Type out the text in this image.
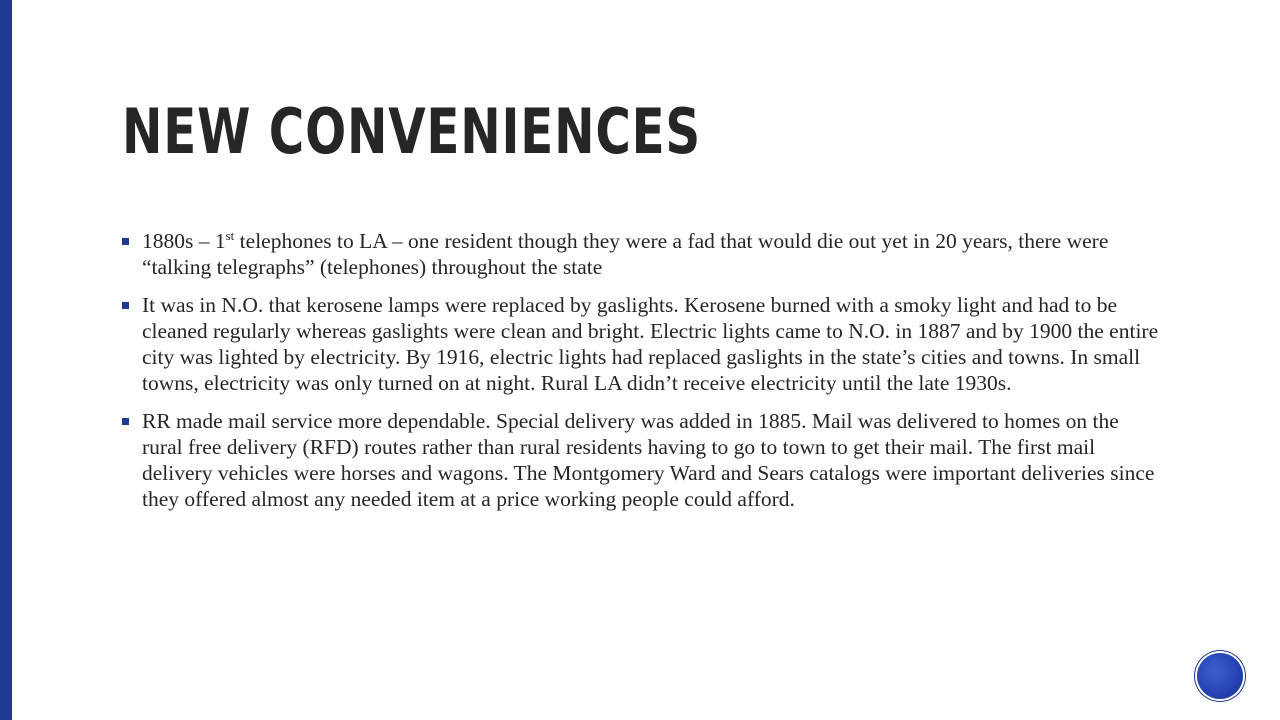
NEW CONVENIENCES
1880s – 1st telephones to LA – one resident though they were a fad that would die out yet in 20 years, there were “talking telegraphs” (telephones) throughout the state
It was in N.O. that kerosene lamps were replaced by gaslights. Kerosene burned with a smoky light and had to be cleaned regularly whereas gaslights were clean and bright. Electric lights came to N.O. in 1887 and by 1900 the entire city was lighted by electricity. By 1916, electric lights had replaced gaslights in the state’s cities and towns. In small towns, electricity was only turned on at night. Rural LA didn’t receive electricity until the late 1930s.
RR made mail service more dependable. Special delivery was added in 1885. Mail was delivered to homes on the rural free delivery (RFD) routes rather than rural residents having to go to town to get their mail. The first mail delivery vehicles were horses and wagons. The Montgomery Ward and Sears catalogs were important deliveries since they offered almost any needed item at a price working people could afford.
